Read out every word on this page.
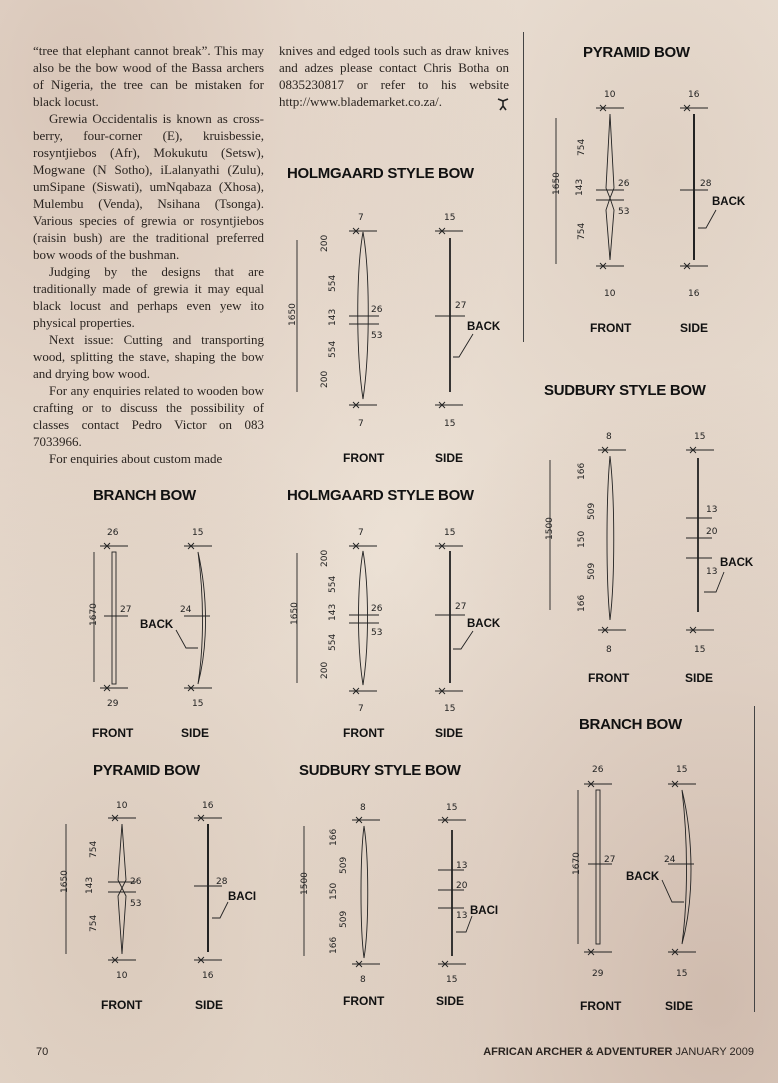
“tree that elephant cannot break”. This may also be the bow wood of the Bassa archers of Nigeria, the tree can be mistaken for black locust.

Grewia Occidentalis is known as cross-berry, four-corner (E), kruisbessie, rosyntjiebos (Afr), Mokukutu (Setsw), Mogwane (N Sotho), iLalanyathi (Zulu), umSipane (Siswati), umNqabaza (Xhosa), Mulembu (Venda), Nsihana (Tsonga). Various species of grewia or rosyntjiebos (raisin bush) are the traditional preferred bow woods of the bushman.

Judging by the designs that are traditionally made of grewia it may equal black locust and perhaps even yew ito physical properties.

Next issue: Cutting and transporting wood, splitting the stave, shaping the bow and drying bow wood.

For any enquiries related to wooden bow crafting or to discuss the possibility of classes contact Pedro Victor on 083 7033966.

For enquiries about custom made

knives and edged tools such as draw knives and adzes please contact Chris Botha on 0835230817 or refer to his website http://www.blademarket.co.za/.

HOLMGAARD STYLE BOW
7
7
1650
200
554
143
554
200
26
53
15
27
BACK
15
FRONT	SIDE
PYRAMID BOW
10
10
1650
754
143
754
26
53
16
28
BACK
16
FRONT	SIDE
SUDBURY STYLE BOW
8
8
1500
166
509
150
509
166
15
13
20
13
BACK
15
FRONT	SIDE
BRANCH BOW
26
29
1670 27
15
15
24
BACK
FRONT	SIDE
HOLMGAARD STYLE BOW
7
7
1650
200
554
143
554
200
26
53
15
27
BACK
15
FRONT	SIDE
PYRAMID BOW
10
10
1650
754
143
754
26
53
16
28
BACI
16
FRONT	SIDE
SUDBURY STYLE BOW
8
8
1500
166
509
150
509
166
15
13
20
13 BACI
15
FRONT	SIDE
BRANCH BOW
26
29
1670 27
15
15
24
BACK
FRONT	SIDE
70	AFRICAN ARCHER & ADVENTURER JANUARY 2009
